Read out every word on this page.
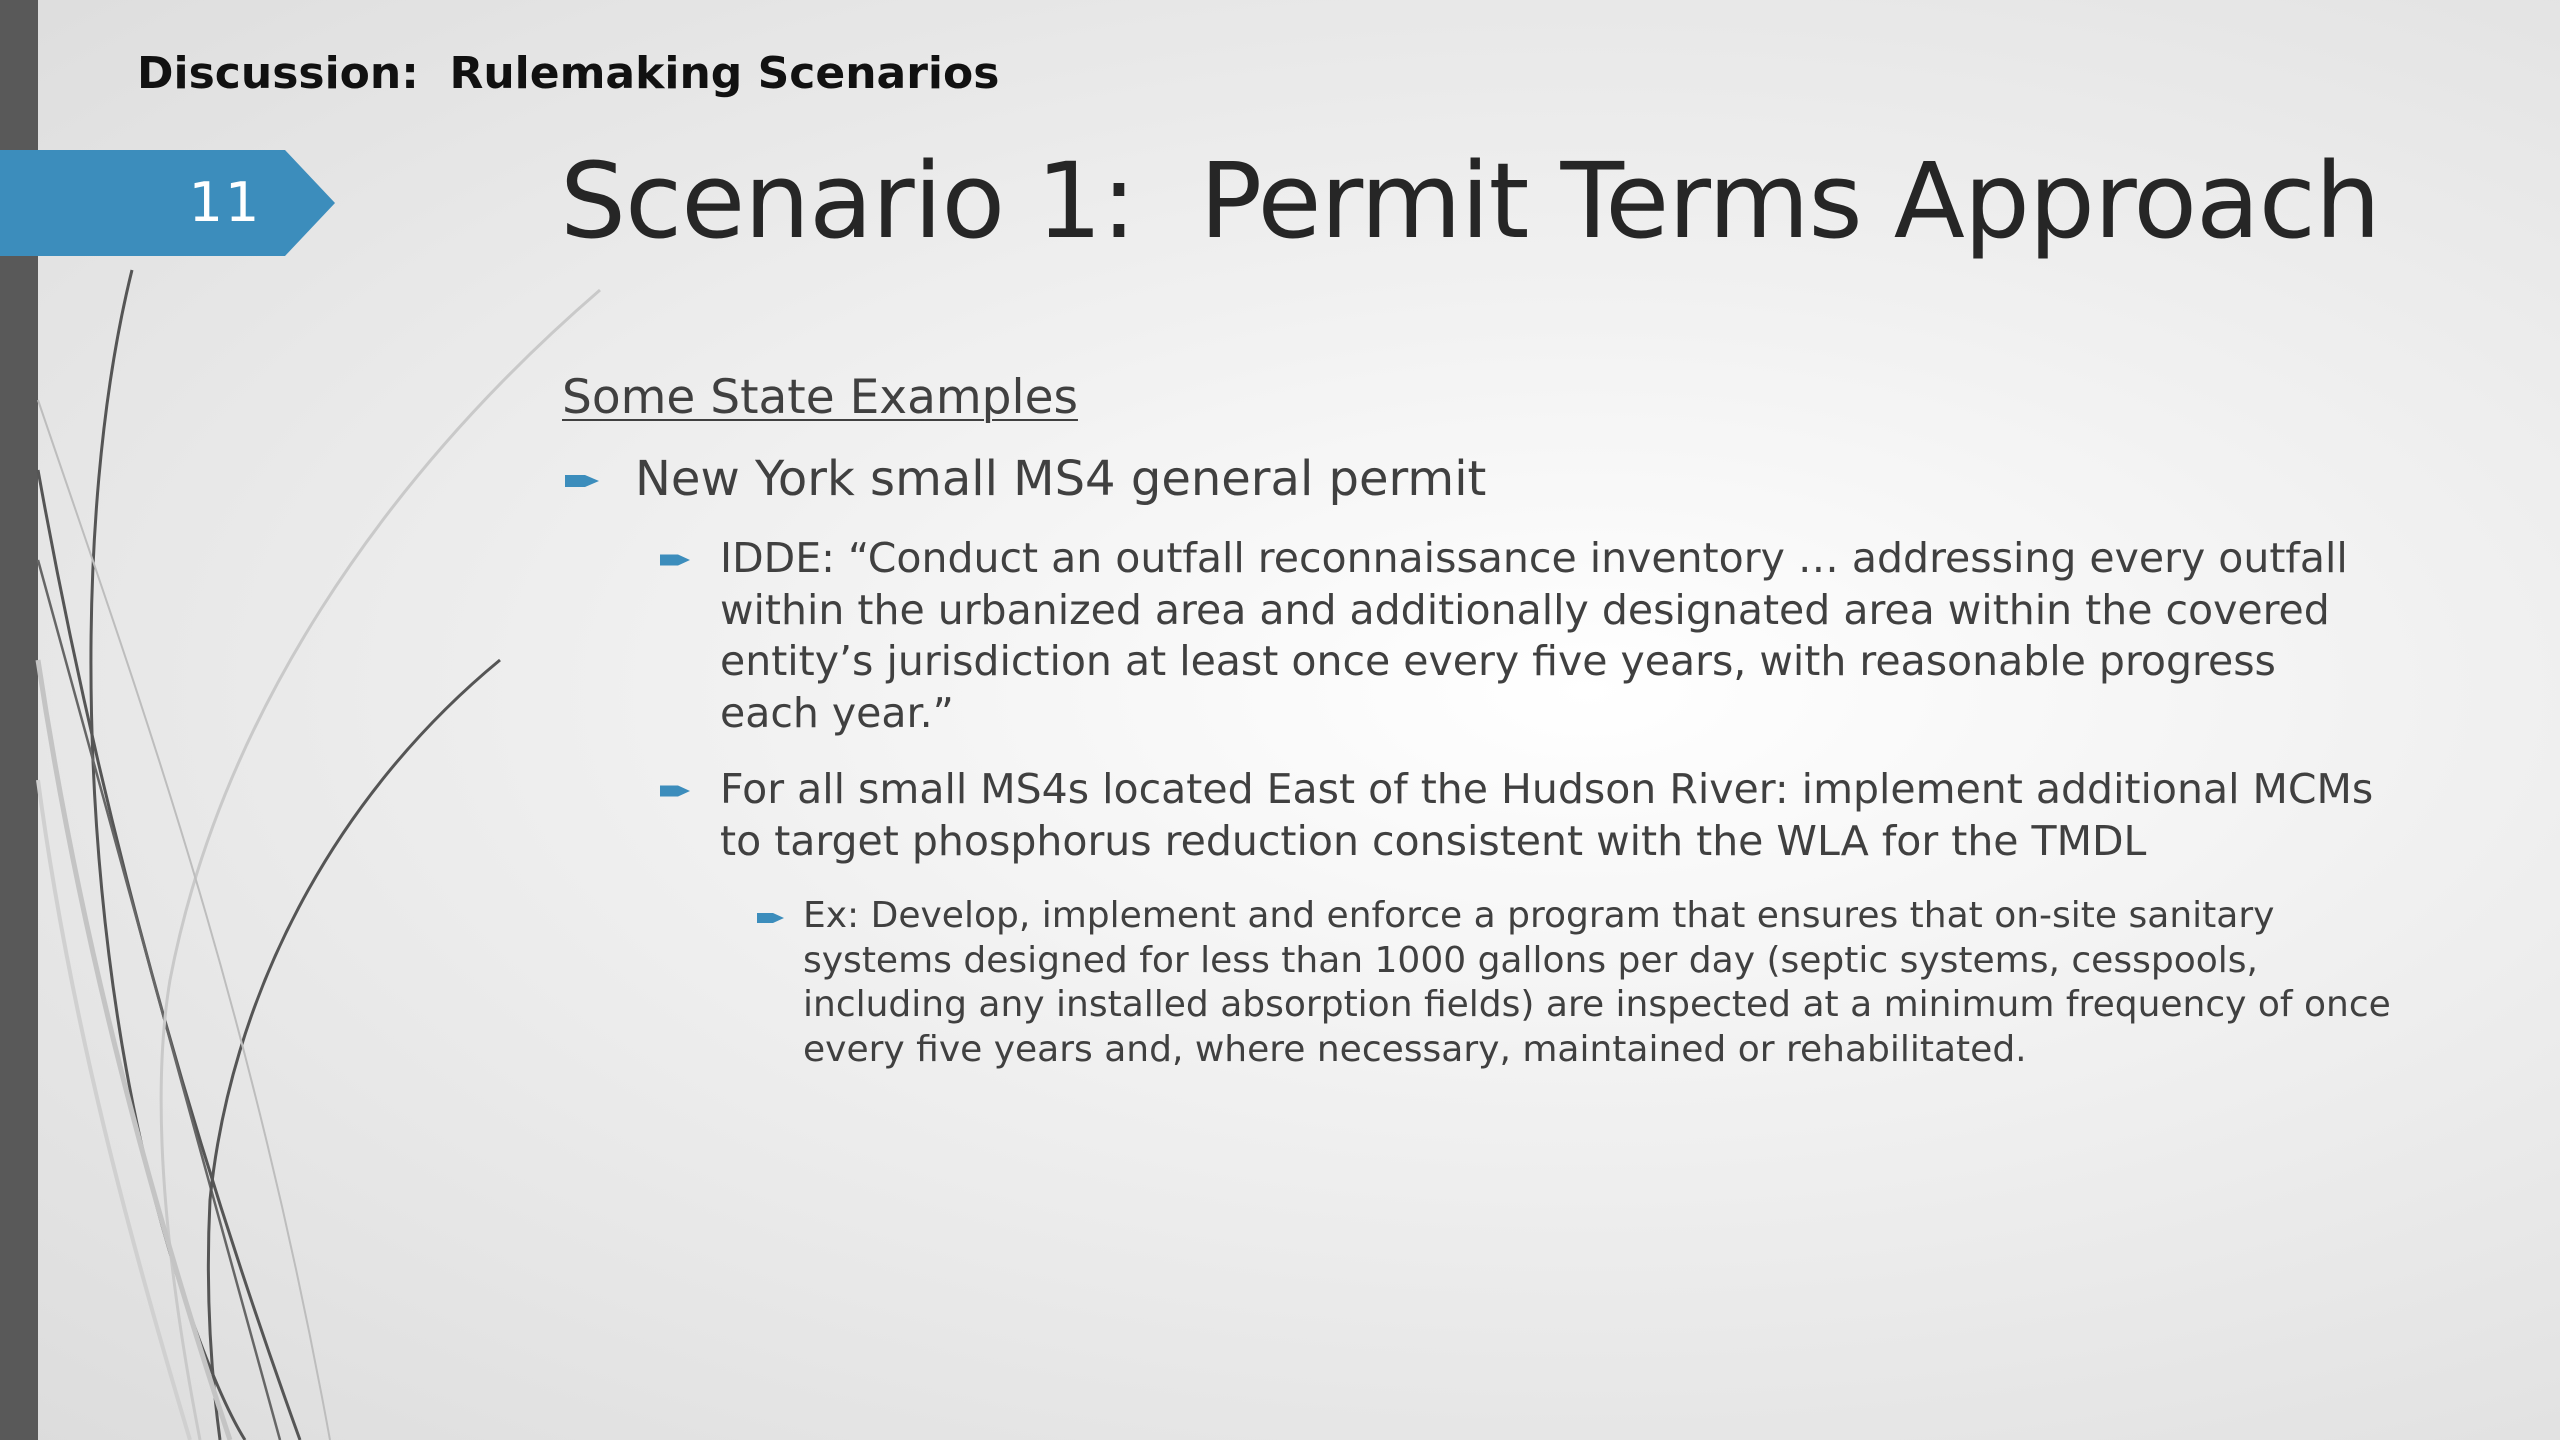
Discussion:  Rulemaking Scenarios
11	Scenario 1:  Permit Terms Approach
Some State Examples
New York small MS4 general permit
IDDE: “Conduct an outfall reconnaissance inventory … addressing every outfall within the urbanized area and additionally designated area within the covered entity’s jurisdiction at least once every five years, with reasonable progress each year.”
For all small MS4s located East of the Hudson River: implement additional MCMs to target phosphorus reduction consistent with the WLA for the TMDL
Ex: Develop, implement and enforce a program that ensures that on-site sanitary systems designed for less than 1000 gallons per day (septic systems, cesspools, including any installed absorption fields) are inspected at a minimum frequency of once every five years and, where necessary, maintained or rehabilitated.
